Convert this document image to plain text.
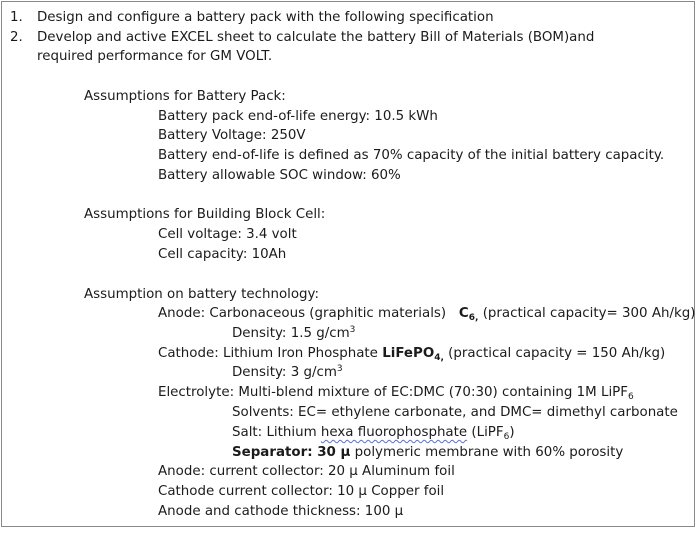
1. Design and configure a battery pack with the following specification
2. Develop and active EXCEL sheet to calculate the battery Bill of Materials (BOM)and
required performance for GM VOLT.
Assumptions for Battery Pack:
Battery pack end-of-life energy: 10.5 kWh
Battery Voltage: 250V
Battery end-of-life is defined as 70% capacity of the initial battery capacity.
Battery allowable SOC window: 60%
Assumptions for Building Block Cell:
Cell voltage: 3.4 volt
Cell capacity: 10Ah
Assumption on battery technology:
Anode: Carbonaceous (graphitic materials) $C_{6,}$ (practical capacity= 300 Ah/kg)
Density: 1.5 $g/cm^3$
Cathode: Lithium Iron Phosphate LiFePO$_{4,}$ (practical capacity = 150 Ah/kg)
Density: 3 $g/cm^3$
Electrolyte: Multi-blend mixture of EC:DMC (70:30) containing 1M LiPF$_6$
Solvents: EC= ethylene carbonate, and DMC= dimethyl carbonate
Salt: Lithium hexa fluorophosphate (LiPF$_6$)
Separator: 30 µ polymeric membrane with 60% porosity
Anode: current collector: 20 µ Aluminum foil
Cathode current collector: 10 µ Copper foil
Anode and cathode thickness: 100 µ
